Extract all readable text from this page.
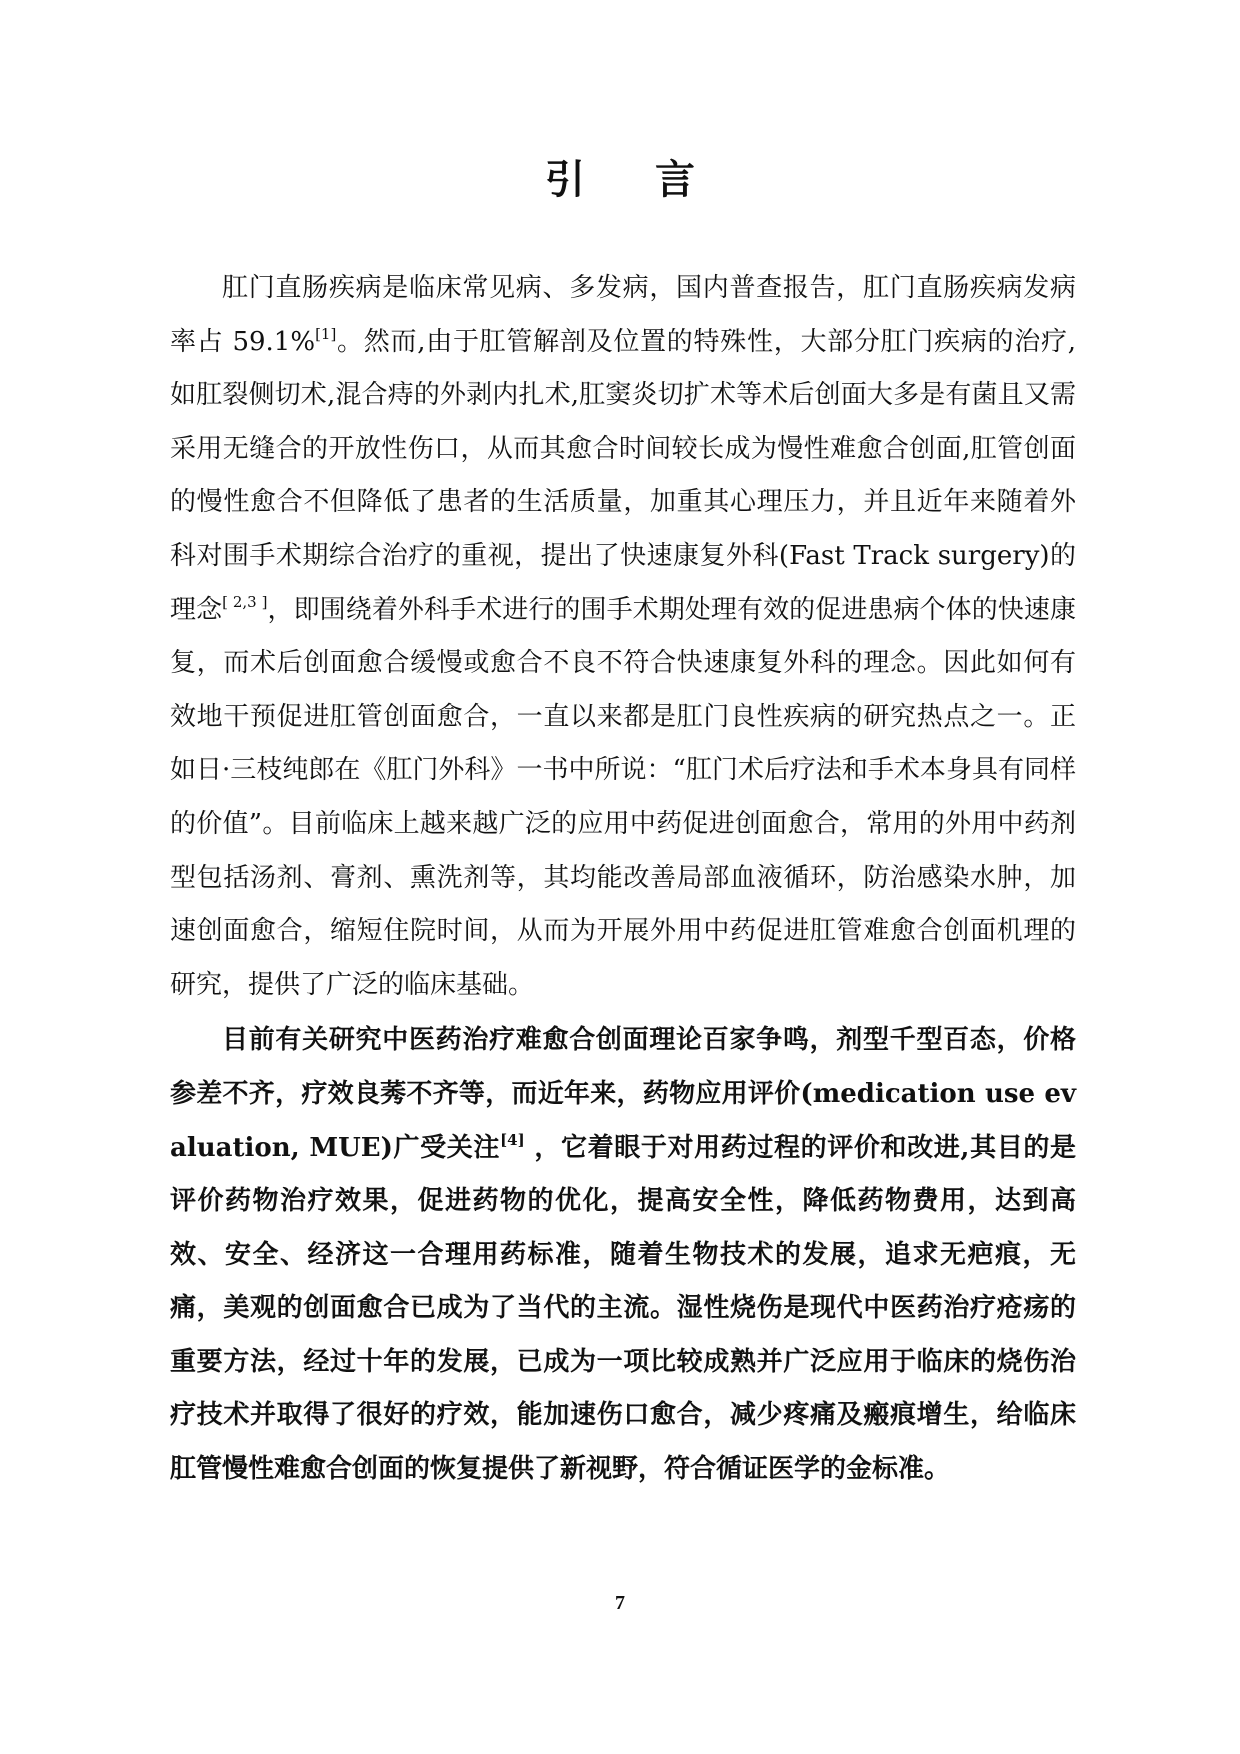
引言

肛门直肠疾病是临床常见病、多发病，国内普查报告，肛门直肠疾病发病率占 59.1%[1]。然而,由于肛管解剖及位置的特殊性，大部分肛门疾病的治疗,如肛裂侧切术,混合痔的外剥内扎术,肛窦炎切扩术等术后创面大多是有菌且又需采用无缝合的开放性伤口，从而其愈合时间较长成为慢性难愈合创面,肛管创面的慢性愈合不但降低了患者的生活质量，加重其心理压力，并且近年来随着外科对围手术期综合治疗的重视，提出了快速康复外科(Fast Track surgery)的理念[ 2,3 ]，即围绕着外科手术进行的围手术期处理有效的促进患病个体的快速康复，而术后创面愈合缓慢或愈合不良不符合快速康复外科的理念。因此如何有效地干预促进肛管创面愈合，一直以来都是肛门良性疾病的研究热点之一。正如日·三枝纯郎在《肛门外科》一书中所说：“肛门术后疗法和手术本身具有同样的价值”。目前临床上越来越广泛的应用中药促进创面愈合，常用的外用中药剂型包括汤剂、膏剂、熏洗剂等，其均能改善局部血液循环，防治感染水肿，加速创面愈合，缩短住院时间，从而为开展外用中药促进肛管难愈合创面机理的研究，提供了广泛的临床基础。

目前有关研究中医药治疗难愈合创面理论百家争鸣，剂型千型百态，价格参差不齐，疗效良莠不齐等，而近年来，药物应用评价(medication use evaluation, MUE)广受关注[4] ，它着眼于对用药过程的评价和改进,其目的是评价药物治疗效果，促进药物的优化，提高安全性，降低药物费用，达到高效、安全、经济这一合理用药标准，随着生物技术的发展，追求无疤痕，无痛，美观的创面愈合已成为了当代的主流。湿性烧伤是现代中医药治疗疮疡的重要方法，经过十年的发展，已成为一项比较成熟并广泛应用于临床的烧伤治疗技术并取得了很好的疗效，能加速伤口愈合，减少疼痛及瘢痕增生，给临床肛管慢性难愈合创面的恢复提供了新视野，符合循证医学的金标准。

7
